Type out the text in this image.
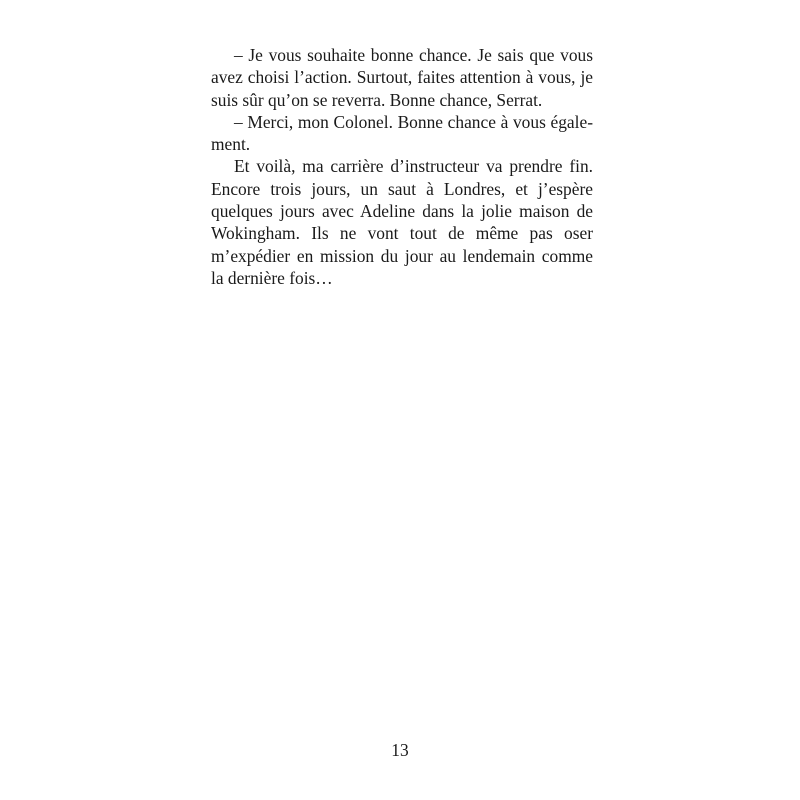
– Je vous souhaite bonne chance. Je sais que vous avez choisi l’action. Surtout, faites attention à vous, je suis sûr qu’on se reverra. Bonne chance, Serrat.

– Merci, mon Colonel. Bonne chance à vous également.

Et voilà, ma carrière d’instructeur va prendre fin. Encore trois jours, un saut à Londres, et j’espère quelques jours avec Adeline dans la jolie maison de Wokingham. Ils ne vont tout de même pas oser m’expédier en mission du jour au lendemain comme la dernière fois…

13
